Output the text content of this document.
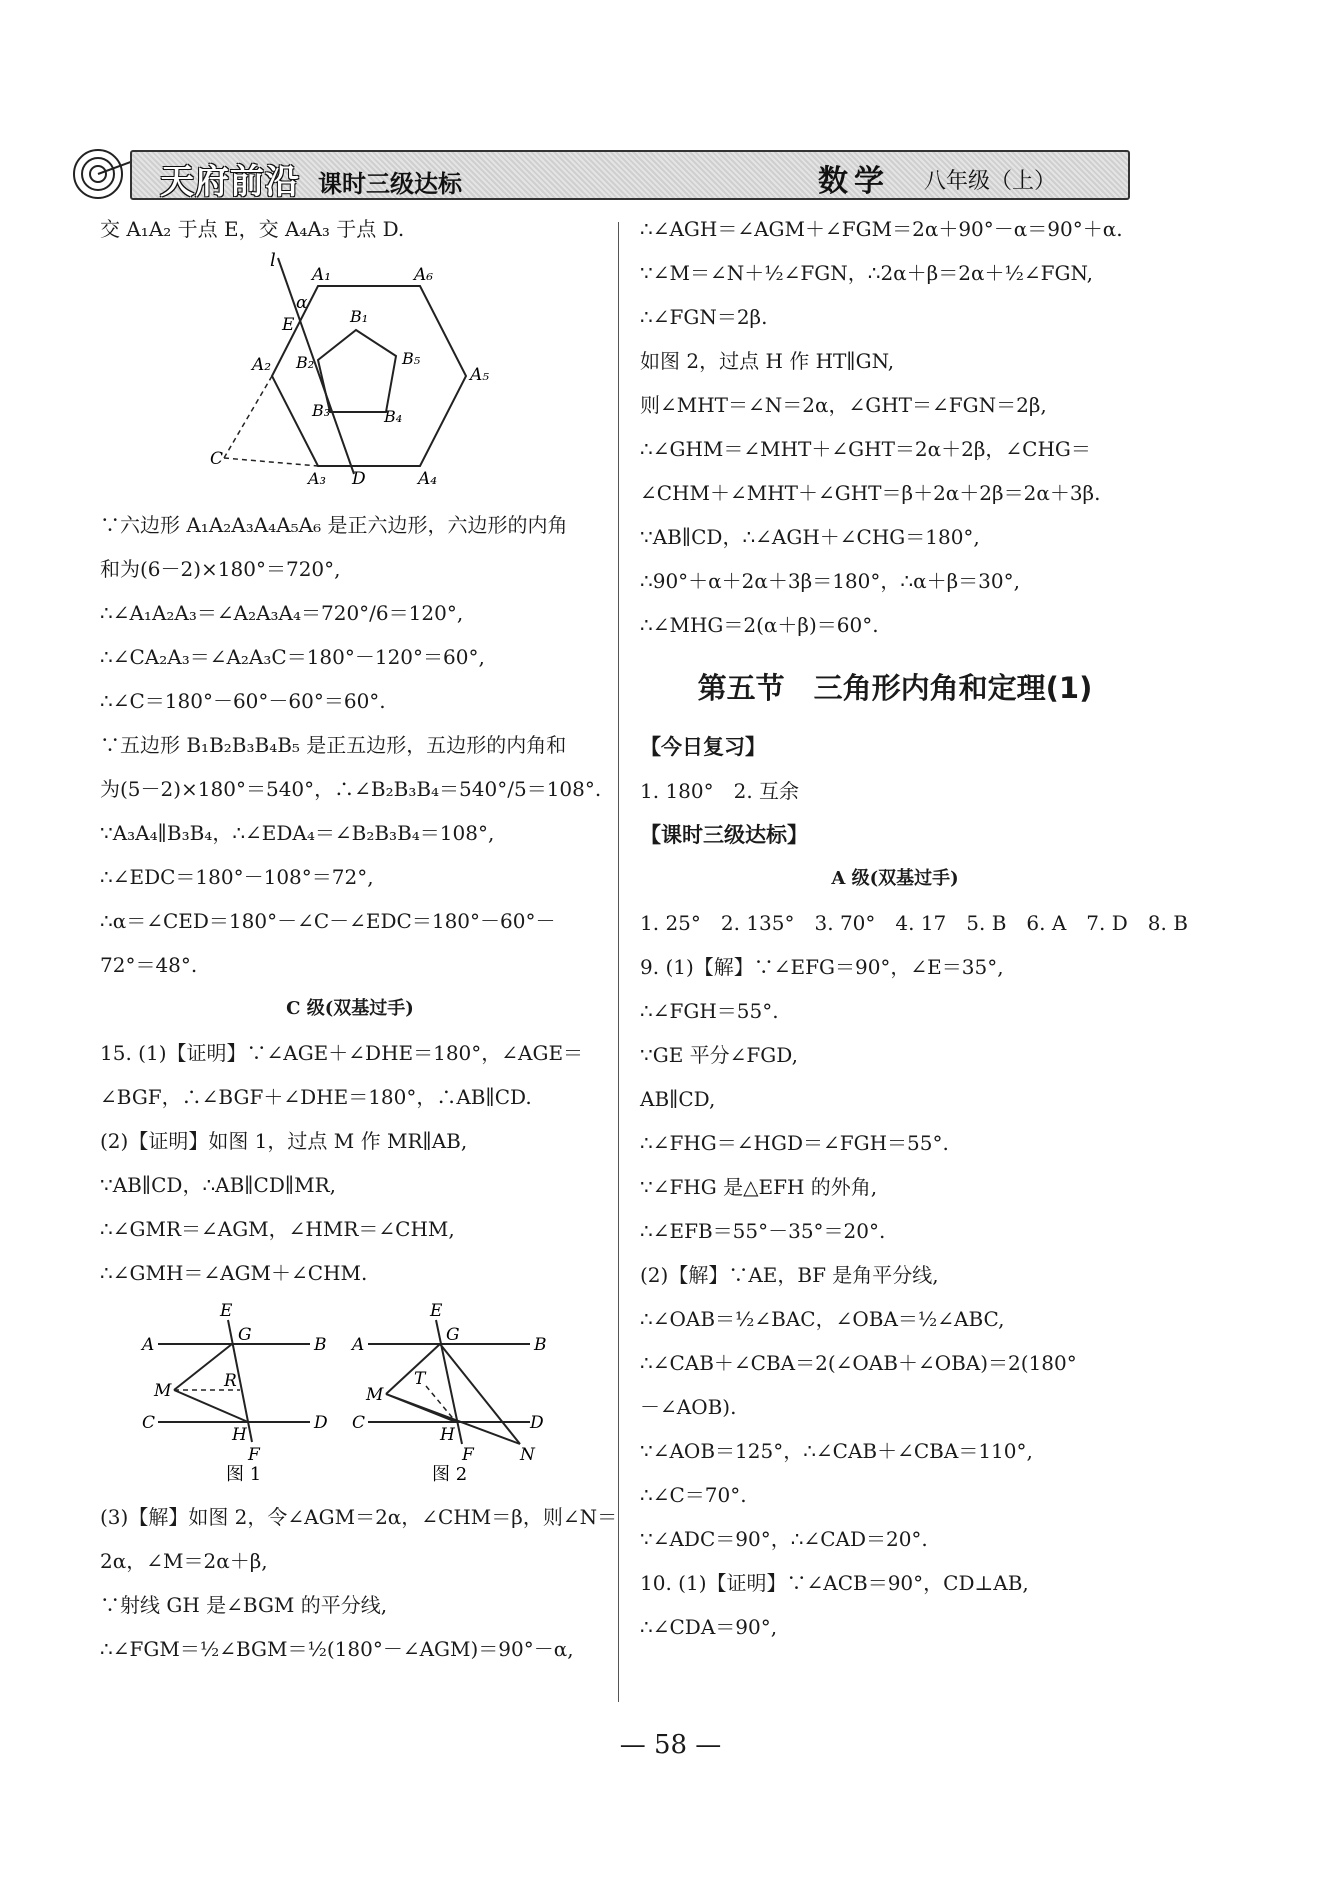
天府前沿 课时三级达标	数学 八年级（上）

交 A₁A₂ 于点 E，交 A₄A₃ 于点 D.

l
A₁	A₆
α
E	B₁
A₂ B₂	B₅
A₅
B₃	B₄
C
A₃ D	A₄

∵六边形 A₁A₂A₃A₄A₅A₆ 是正六边形，六边形的内角

和为(6－2)×180°＝720°,

∴∠A₁A₂A₃＝∠A₂A₃A₄＝720°/6＝120°,

∴∠CA₂A₃＝∠A₂A₃C＝180°－120°＝60°,

∴∠C＝180°－60°－60°＝60°.

∵五边形 B₁B₂B₃B₄B₅ 是正五边形，五边形的内角和

为(5－2)×180°＝540°，∴∠B₂B₃B₄＝540°/5＝108°.

∵A₃A₄∥B₃B₄，∴∠EDA₄＝∠B₂B₃B₄＝108°,

∴∠EDC＝180°－108°＝72°,

∴α＝∠CED＝180°－∠C－∠EDC＝180°－60°－

72°＝48°.

C 级(双基过手)

15. (1)【证明】∵∠AGE＋∠DHE＝180°，∠AGE＝

∠BGF，∴∠BGF＋∠DHE＝180°，∴AB∥CD.

(2)【证明】如图 1，过点 M 作 MR∥AB,

∵AB∥CD，∴AB∥CD∥MR,

∴∠GMR＝∠AGM，∠HMR＝∠CHM,

∴∠GMH＝∠AGM＋∠CHM.

E
A	G	B
R
M
C
H
D
F
图 1
E
A	G	B
M
T
C
H
D
F	N
图 2

(3)【解】如图 2，令∠AGM＝2α，∠CHM＝β，则∠N＝

2α，∠M＝2α＋β,

∵射线 GH 是∠BGM 的平分线,

∴∠FGM＝½∠BGM＝½(180°－∠AGM)＝90°－α,

∴∠AGH＝∠AGM＋∠FGM＝2α＋90°－α＝90°＋α.

∵∠M＝∠N＋½∠FGN，∴2α＋β＝2α＋½∠FGN,

∴∠FGN＝2β.

如图 2，过点 H 作 HT∥GN,

则∠MHT＝∠N＝2α，∠GHT＝∠FGN＝2β,

∴∠GHM＝∠MHT＋∠GHT＝2α＋2β，∠CHG＝

∠CHM＋∠MHT＋∠GHT＝β＋2α＋2β＝2α＋3β.

∵AB∥CD，∴∠AGH＋∠CHG＝180°,

∴90°＋α＋2α＋3β＝180°，∴α＋β＝30°,

∴∠MHG＝2(α＋β)＝60°.

第五节　三角形内角和定理(1)

【今日复习】

1. 180°　2. 互余

【课时三级达标】

A 级(双基过手)

1. 25°　2. 135°　3. 70°　4. 17　5. B　6. A　7. D　8. B

9. (1)【解】∵∠EFG＝90°，∠E＝35°,

∴∠FGH＝55°.

∵GE 平分∠FGD,

AB∥CD,

∴∠FHG＝∠HGD＝∠FGH＝55°.

∵∠FHG 是△EFH 的外角,

∴∠EFB＝55°－35°＝20°.

(2)【解】∵AE，BF 是角平分线,

∴∠OAB＝½∠BAC，∠OBA＝½∠ABC,

∴∠CAB＋∠CBA＝2(∠OAB＋∠OBA)＝2(180°

－∠AOB).

∵∠AOB＝125°，∴∠CAB＋∠CBA＝110°,

∴∠C＝70°.

∵∠ADC＝90°，∴∠CAD＝20°.

10. (1)【证明】∵∠ACB＝90°，CD⊥AB,

∴∠CDA＝90°,

— 58 —
